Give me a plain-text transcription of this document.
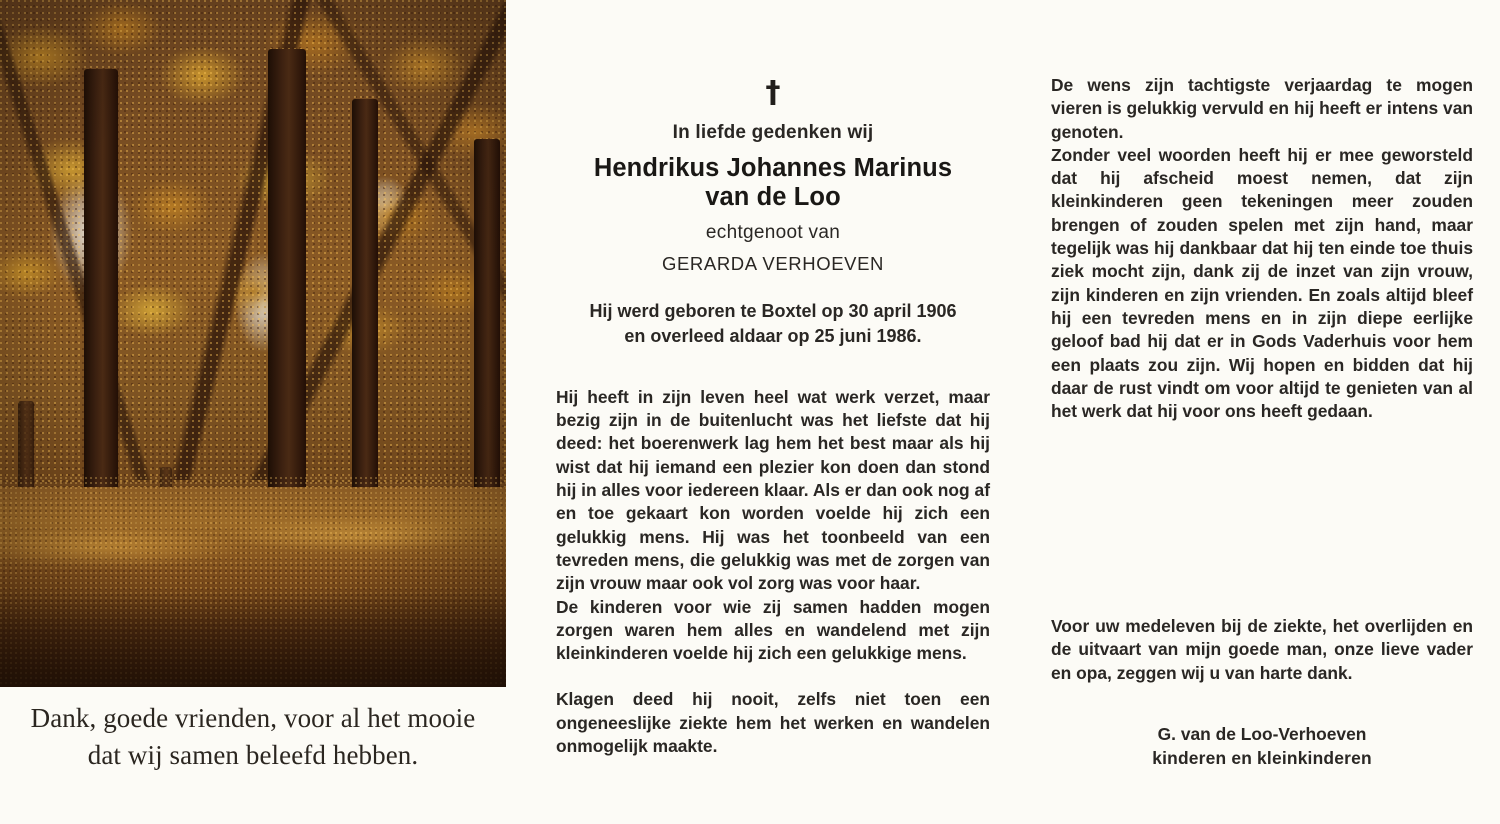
Dank, goede vrienden, voor al het mooie
dat wij samen beleefd hebben.
†
In liefde gedenken wij
Hendrikus Johannes Marinus
van de Loo
echtgenoot van
GERARDA VERHOEVEN
Hij werd geboren te Boxtel op 30 april 1906
en overleed aldaar op 25 juni 1986.
Hij heeft in zijn leven heel wat werk verzet, maar bezig zijn in de buitenlucht was het liefste dat hij deed: het boerenwerk lag hem het best maar als hij wist dat hij iemand een plezier kon doen dan stond hij in alles voor iedereen klaar. Als er dan ook nog af en toe gekaart kon worden voelde hij zich een gelukkig mens. Hij was het toonbeeld van een tevreden mens, die gelukkig was met de zorgen van zijn vrouw maar ook vol zorg was voor haar.
De kinderen voor wie zij samen hadden mogen zorgen waren hem alles en wandelend met zijn kleinkinderen voelde hij zich een gelukkige mens.
Klagen deed hij nooit, zelfs niet toen een ongeneeslijke ziekte hem het werken en wandelen onmogelijk maakte.
De wens zijn tachtigste verjaardag te mogen vieren is gelukkig vervuld en hij heeft er intens van genoten.
Zonder veel woorden heeft hij er mee geworsteld dat hij afscheid moest nemen, dat zijn kleinkinderen geen tekeningen meer zouden brengen of zouden spelen met zijn hand, maar tegelijk was hij dankbaar dat hij ten einde toe thuis ziek mocht zijn, dank zij de inzet van zijn vrouw, zijn kinderen en zijn vrienden. En zoals altijd bleef hij een tevreden mens en in zijn diepe eerlijke geloof bad hij dat er in Gods Vaderhuis voor hem een plaats zou zijn. Wij hopen en bidden dat hij daar de rust vindt om voor altijd te genieten van al het werk dat hij voor ons heeft gedaan.
Voor uw medeleven bij de ziekte, het overlijden en de uitvaart van mijn goede man, onze lieve vader en opa, zeggen wij u van harte dank.
G. van de Loo-Verhoeven
kinderen en kleinkinderen
